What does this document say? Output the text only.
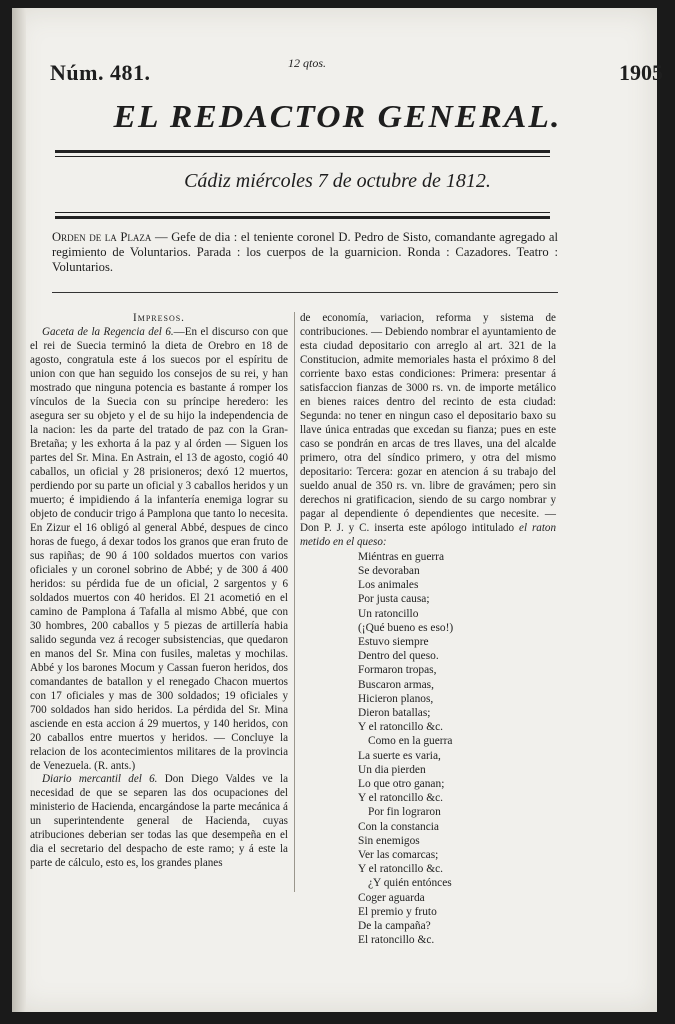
Núm. 481.	12 qtos.	1905
EL REDACTOR GENERAL.
Cádiz miércoles 7 de octubre de 1812.
Orden de la Plaza — Gefe de dia : el teniente coronel D. Pedro de Sisto, comandante agregado al regimiento de Voluntarios. Parada : los cuerpos de la guarnicion. Ronda : Cazadores. Teatro : Voluntarios.

Impresos.

Gaceta de la Regencia del 6.—En el discurso con que el rei de Suecia terminó la dieta de Orebro en 18 de agosto, congratula este á los suecos por el espíritu de union con que han seguido los consejos de su rei, y han mostrado que ninguna potencia es bastante á romper los vínculos de la Suecia con su príncipe heredero: les asegura ser su objeto y el de su hijo la independencia de la nacion: les da parte del tratado de paz con la Gran-Bretaña; y les exhorta á la paz y al órden — Siguen los partes del Sr. Mina. En Astrain, el 13 de agosto, cogió 40 caballos, un oficial y 28 prisioneros; dexó 12 muertos, perdiendo por su parte un oficial y 3 caballos heridos y un muerto; é impidiendo á la infantería enemiga lograr su objeto de conducir trigo á Pamplona que tanto lo necesita. En Zizur el 16 obligó al general Abbé, despues de cinco horas de fuego, á dexar todos los granos que eran fruto de sus rapiñas; de 90 á 100 soldados muertos con varios oficiales y un coronel sobrino de Abbé; y de 300 á 400 heridos: su pérdida fue de un oficial, 2 sargentos y 6 soldados muertos con 40 heridos. El 21 acometió en el camino de Pamplona á Tafalla al mismo Abbé, que con 30 hombres, 200 caballos y 5 piezas de artillería habia salido segunda vez á recoger subsistencias, que quedaron en manos del Sr. Mina con fusiles, maletas y mochilas. Abbé y los barones Mocum y Cassan fueron heridos, dos comandantes de batallon y el renegado Chacon muertos con 17 oficiales y mas de 300 soldados; 19 oficiales y 700 soldados han sido heridos. La pérdida del Sr. Mina asciende en esta accion á 29 muertos, y 140 heridos, con 20 caballos entre muertos y heridos. — Concluye la relacion de los acontecimientos militares de la provincia de Venezuela. (R. ants.)

Diario mercantil del 6. Don Diego Valdes ve la necesidad de que se separen las dos ocupaciones del ministerio de Hacienda, encargándose la parte mecánica á un superintendente general de Hacienda, cuyas atribuciones deberian ser todas las que desempeña en el dia el secretario del despacho de este ramo; y á este la parte de cálculo, esto es, los grandes planes

de economía, variacion, reforma y sistema de contribuciones. — Debiendo nombrar el ayuntamiento de esta ciudad depositario con arreglo al art. 321 de la Constitucion, admite memoriales hasta el próximo 8 del corriente baxo estas condiciones: Primera: presentar á satisfaccion fianzas de 3000 rs. vn. de importe metálico en bienes raices dentro del recinto de esta ciudad: Segunda: no tener en ningun caso el depositario baxo su llave única entradas que excedan su fianza; pues en este caso se pondrán en arcas de tres llaves, una del alcalde primero, otra del síndico primero, y otra del mismo depositario: Tercera: gozar en atencion á su trabajo del sueldo anual de 350 rs. vn. libre de gravámen; pero sin derechos ni gratificacion, siendo de su cargo nombrar y pagar al dependiente ó dependientes que necesite. — Don P. J. y C. inserta este apólogo intitulado el raton metido en el queso:

Miéntras en guerra
Se devoraban
Los animales
Por justa causa;
Un ratoncillo
(¡Qué bueno es eso!)
Estuvo siempre
Dentro del queso.
Formaron tropas,
Buscaron armas,
Hicieron planos,
Dieron batallas;
Y el ratoncillo &c.
Como en la guerra
La suerte es varia,
Un dia pierden
Lo que otro ganan;
Y el ratoncillo &c.
Por fin lograron
Con la constancia
Sin enemigos
Ver las comarcas;
Y el ratoncillo &c.
¿Y quién entónces
Coger aguarda
El premio y fruto
De la campaña?
El ratoncillo &c.
